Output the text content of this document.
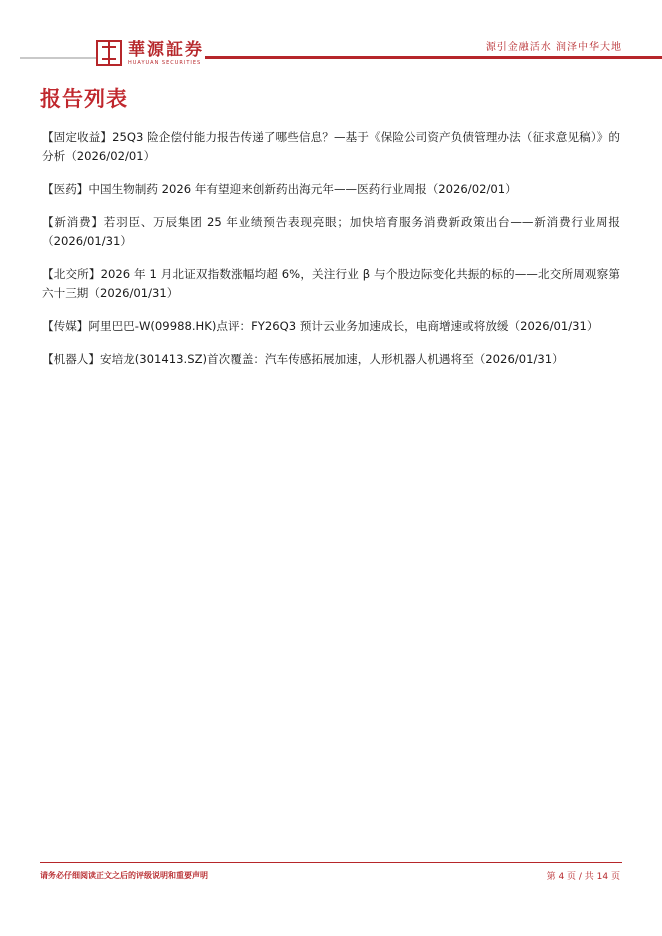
華源証券
HUAYUAN SECURITIES
源引金融活水 润泽中华大地
报告列表
【固定收益】25Q3 险企偿付能力报告传递了哪些信息？—基于《保险公司资产负债管理办法（征求意见稿）》的分析（2026/02/01）
【医药】中国生物制药 2026 年有望迎来创新药出海元年——医药行业周报（2026/02/01）
【新消费】若羽臣、万辰集团 25 年业绩预告表现亮眼；加快培育服务消费新政策出台——新消费行业周报（2026/01/31）
【北交所】2026 年 1 月北证双指数涨幅均超 6%，关注行业 β 与个股边际变化共振的标的——北交所周观察第六十三期（2026/01/31）
【传媒】阿里巴巴-W(09988.HK)点评：FY26Q3 预计云业务加速成长，电商增速或将放缓（2026/01/31）
【机器人】安培龙(301413.SZ)首次覆盖：汽车传感拓展加速，人形机器人机遇将至（2026/01/31）
请务必仔细阅读正文之后的评级说明和重要声明	第 4 页 / 共 14 页
